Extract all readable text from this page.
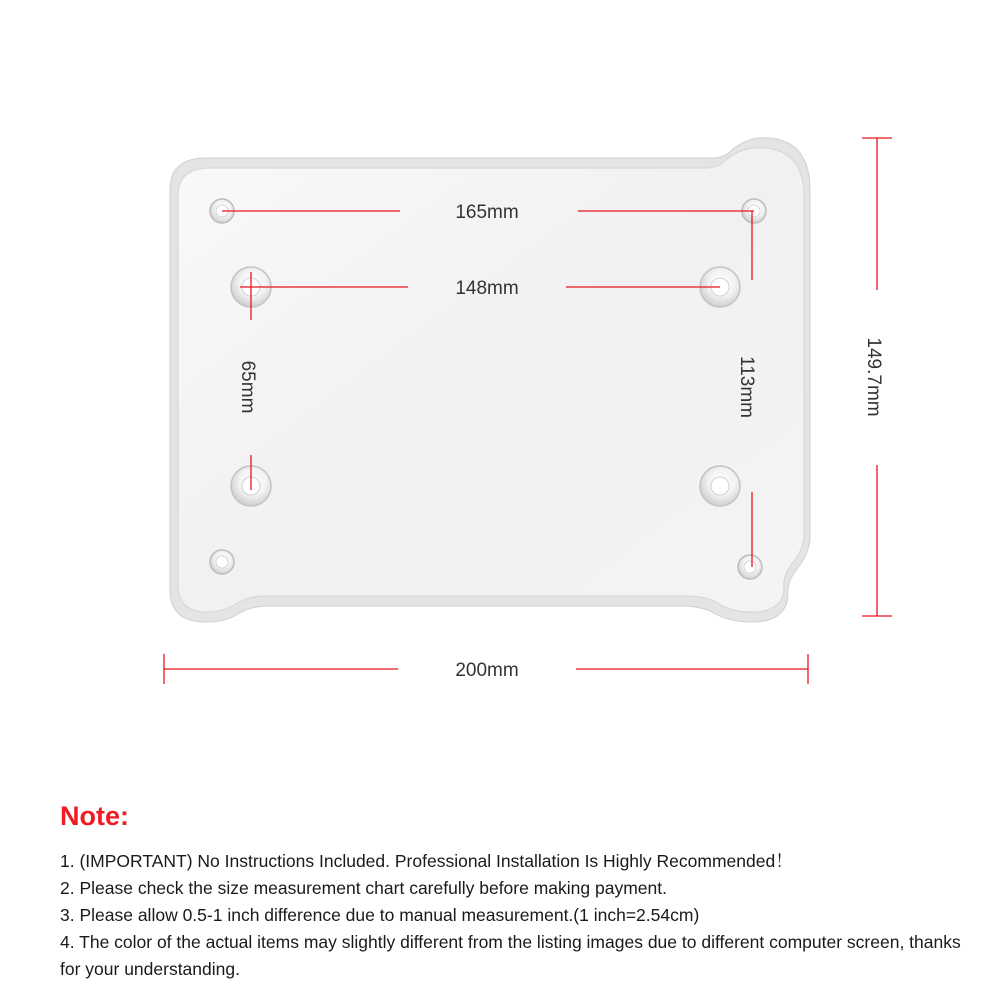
165mm
148mm
65mm	113mm	149.7mm
200mm
Note:

1. (IMPORTANT) No Instructions Included. Professional Installation Is Highly Recommended！

2. Please check the size measurement chart carefully before making payment.

3. Please allow 0.5-1 inch difference due to manual measurement.(1 inch=2.54cm)

4. The color of the actual items may slightly different from the listing images due to different computer screen, thanks for your understanding.
